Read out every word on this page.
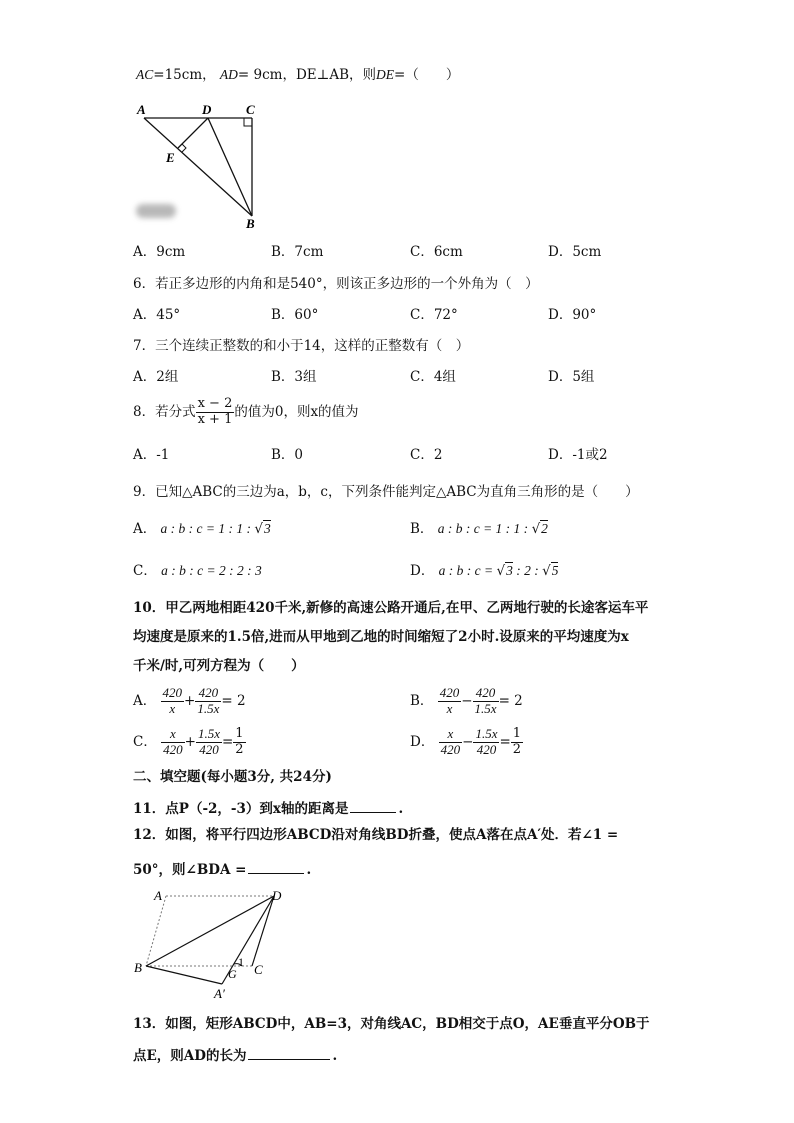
AC=15cm， AD= 9cm，DE⊥AB，则DE=（　　）
A	D	C
E
B
A．9cm	B．7cm	C．6cm	D．5cm
6．若正多边形的内角和是540°，则该正多边形的一个外角为（　）
A．45°	B．60°	C．72°	D．90°
7．三个连续正整数的和小于14，这样的正整数有（　）
A．2组	B．3组	C．4组	D．5组
8．若分式 $\frac{x - 2}{x + 1}$ 的值为0，则x的值为
A．-1	B．0	C．2	D．-1或2
9．已知△ABC的三边为a，b，c，下列条件能判定△ABC为直角三角形的是（　　）
A． a : b : c = 1 : 1 : √3	B． a : b : c = 1 : 1 : √2
C． a : b : c = 2 : 2 : 3	D． a : b : c = √3 : 2 : √5
10．甲乙两地相距420千米,新修的高速公路开通后,在甲、乙两地行驶的长途客运车平
均速度是原来的1.5倍,进而从甲地到乙地的时间缩短了2小时.设原来的平均速度为x
千米/时,可列方程为（　　）
A． $\frac{420}{x} + \frac{420}{1.5x} = 2$	B． $\frac{420}{x} - \frac{420}{1.5x} = 2$
C． $\frac{x}{420} + \frac{1.5x}{420} = \frac{1}{2}$	D． $\frac{x}{420} - \frac{1.5x}{420} = \frac{1}{2}$
二、填空题(每小题3分, 共24分)
11．点P（-2，-3）到x轴的距离是	.
12．如图，将平行四边形ABCD沿对角线BD折叠，使点A落在点A′处．若∠1 =
50°，则∠BDA =	.
A	D
B	G
1 C
A′
13．如图，矩形ABCD中，AB=3，对角线AC，BD相交于点O，AE垂直平分OB于
点E，则AD的长为	.
